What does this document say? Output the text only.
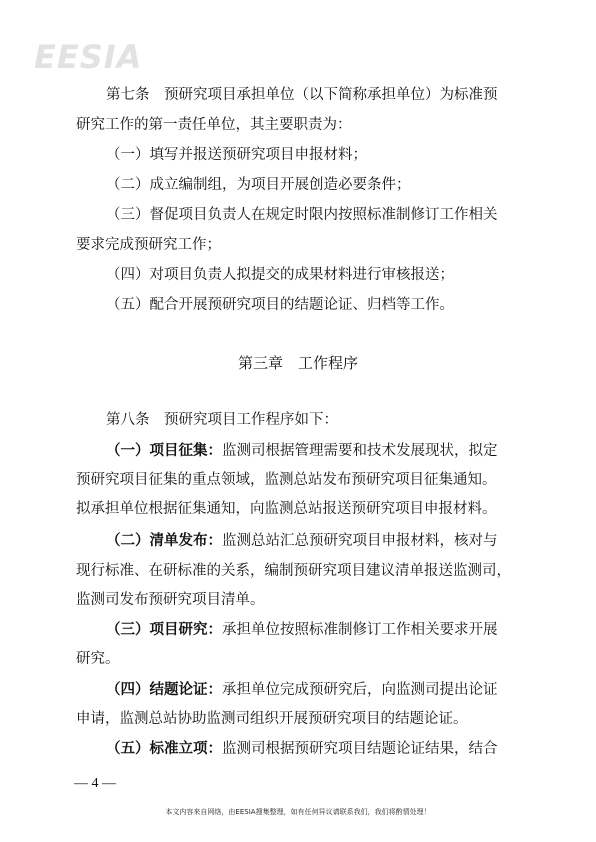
EESIA
第七条　预研究项目承担单位（以下简称承担单位）为标准预
研究工作的第一责任单位，其主要职责为：
（一）填写并报送预研究项目申报材料；
（二）成立编制组，为项目开展创造必要条件；
（三）督促项目负责人在规定时限内按照标准制修订工作相关
要求完成预研究工作；
（四）对项目负责人拟提交的成果材料进行审核报送；
（五）配合开展预研究项目的结题论证、归档等工作。
第三章　工作程序
第八条　预研究项目工作程序如下：
（一）项目征集：监测司根据管理需要和技术发展现状，拟定
预研究项目征集的重点领域，监测总站发布预研究项目征集通知。
拟承担单位根据征集通知，向监测总站报送预研究项目申报材料。
（二）清单发布：监测总站汇总预研究项目申报材料，核对与
现行标准、在研标准的关系，编制预研究项目建议清单报送监测司，
监测司发布预研究项目清单。
（三）项目研究：承担单位按照标准制修订工作相关要求开展
研究。
（四）结题论证：承担单位完成预研究后，向监测司提出论证
申请，监测总站协助监测司组织开展预研究项目的结题论证。
（五）标准立项：监测司根据预研究项目结题论证结果，结合
— 4 —
本文内容来自网络，由EESIA搜集整理，如有任何异议请联系我们，我们将酌情处理！
